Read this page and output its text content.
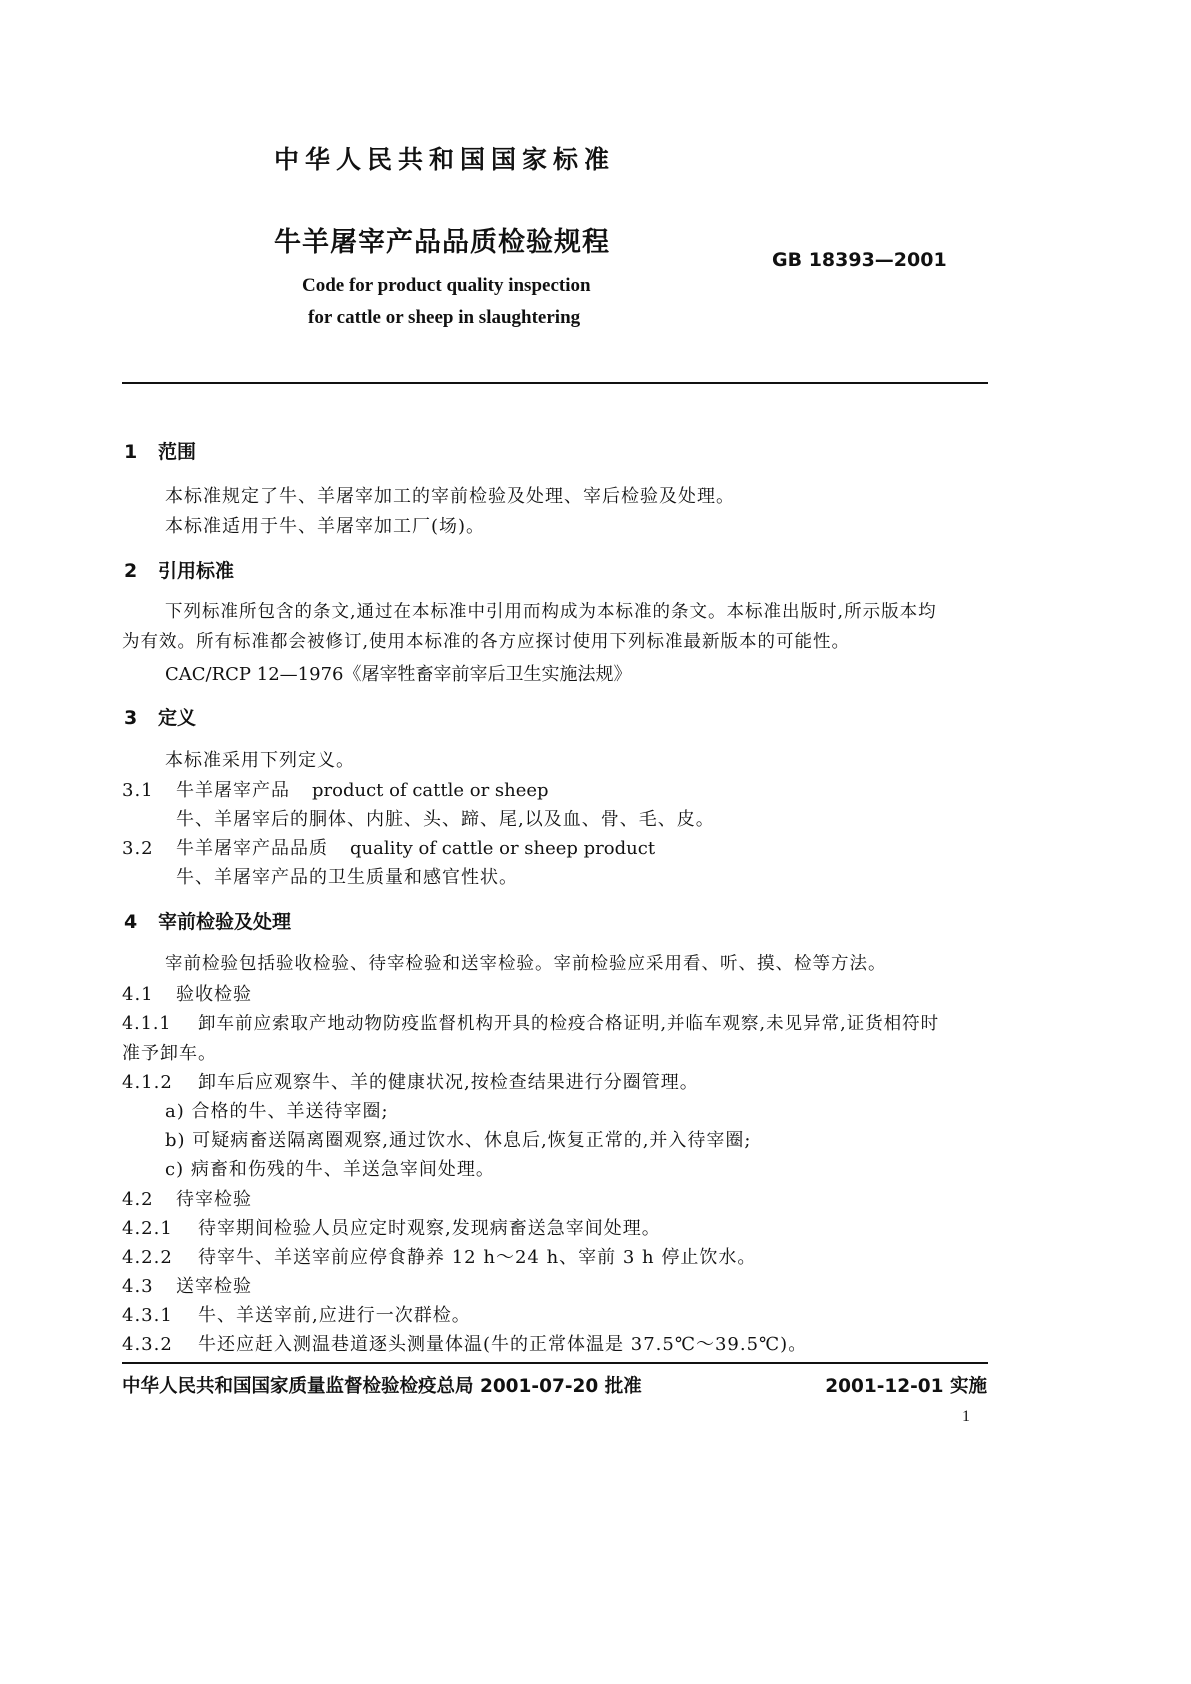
中华人民共和国国家标准
牛羊屠宰产品品质检验规程
GB 18393—2001
Code for product quality inspection
for cattle or sheep in slaughtering
1 范围
本标准规定了牛、羊屠宰加工的宰前检验及处理、宰后检验及处理。
本标准适用于牛、羊屠宰加工厂(场)。
2 引用标准
下列标准所包含的条文,通过在本标准中引用而构成为本标准的条文。本标准出版时,所示版本均
为有效。所有标准都会被修订,使用本标准的各方应探讨使用下列标准最新版本的可能性。
CAC/RCP 12—1976《屠宰牲畜宰前宰后卫生实施法规》
3 定义
本标准采用下列定义。
3.1 牛羊屠宰产品 product of cattle or sheep
牛、羊屠宰后的胴体、内脏、头、蹄、尾,以及血、骨、毛、皮。
3.2 牛羊屠宰产品品质 quality of cattle or sheep product
牛、羊屠宰产品的卫生质量和感官性状。
4 宰前检验及处理
宰前检验包括验收检验、待宰检验和送宰检验。宰前检验应采用看、听、摸、检等方法。
4.1 验收检验
4.1.1 卸车前应索取产地动物防疫监督机构开具的检疫合格证明,并临车观察,未见异常,证货相符时
准予卸车。
4.1.2 卸车后应观察牛、羊的健康状况,按检查结果进行分圈管理。
a) 合格的牛、羊送待宰圈;
b) 可疑病畜送隔离圈观察,通过饮水、休息后,恢复正常的,并入待宰圈;
c) 病畜和伤残的牛、羊送急宰间处理。
4.2 待宰检验
4.2.1 待宰期间检验人员应定时观察,发现病畜送急宰间处理。
4.2.2 待宰牛、羊送宰前应停食静养 12 h～24 h、宰前 3 h 停止饮水。
4.3 送宰检验
4.3.1 牛、羊送宰前,应进行一次群检。
4.3.2 牛还应赶入测温巷道逐头测量体温(牛的正常体温是 37.5℃～39.5℃)。
中华人民共和国国家质量监督检验检疫总局 2001-07-20 批准	2001-12-01 实施
1
